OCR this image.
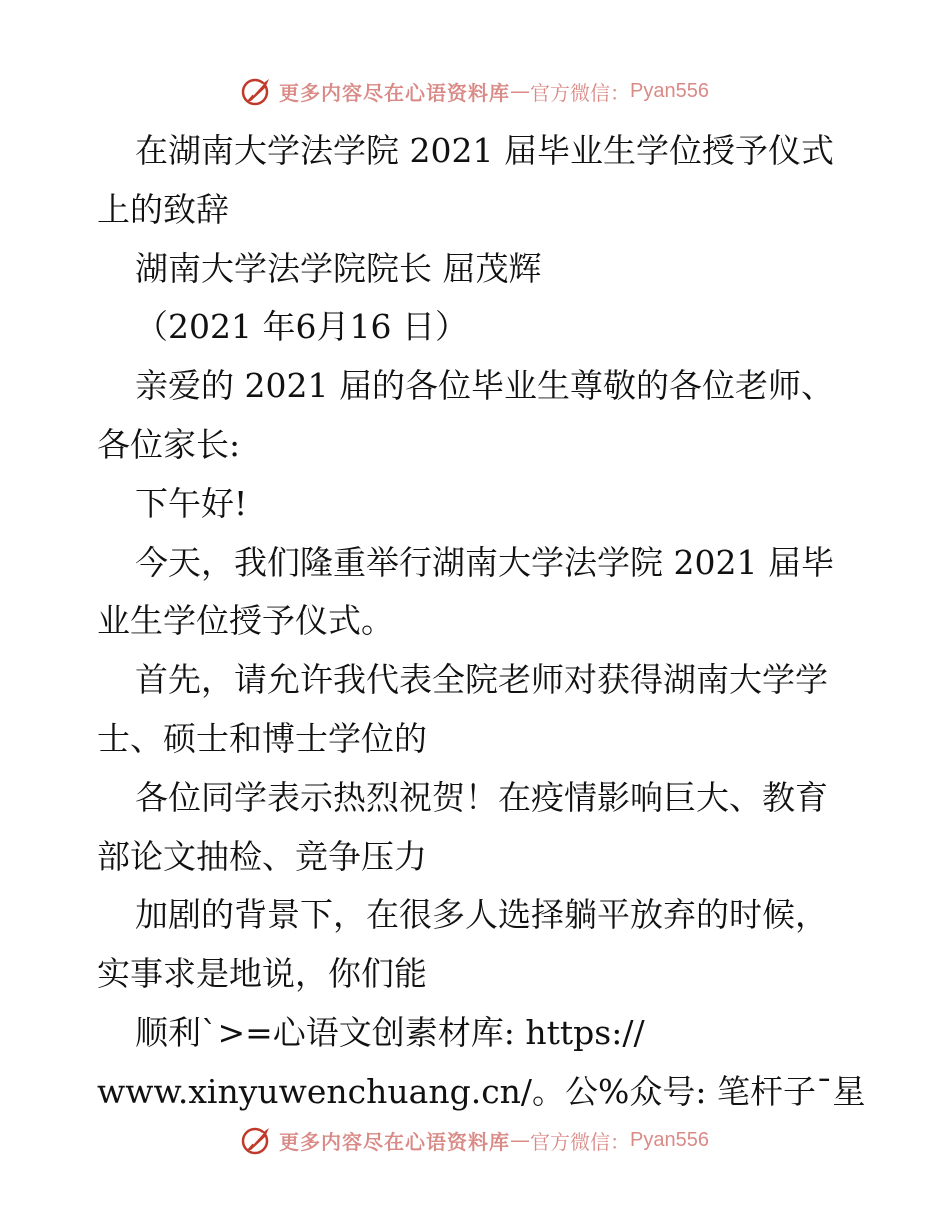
更多内容尽在心语资料库 — 官方微信： Pyan556
在湖南大学法学院 2021 届毕业生学位授予仪式
上的致辞
湖南大学法学院院长 屈茂辉
（2021 年6月16 日）
亲爱的 2021 届的各位毕业生尊敬的各位老师、
各位家长:
下午好!
今天，我们隆重举行湖南大学法学院 2021 届毕
业生学位授予仪式。
首先，请允许我代表全院老师对获得湖南大学学
士、硕士和博士学位的
各位同学表示热烈祝贺！在疫情影响巨大、教育
部论文抽检、竞争压力
加剧的背景下，在很多人选择躺平放弃的时候，
实事求是地说，你们能
顺利`>=心语文创素材库: https://
www.xinyuwenchuang.cn/。公%众号: 笔杆子¯星
更多内容尽在心语资料库 — 官方微信： Pyan556
